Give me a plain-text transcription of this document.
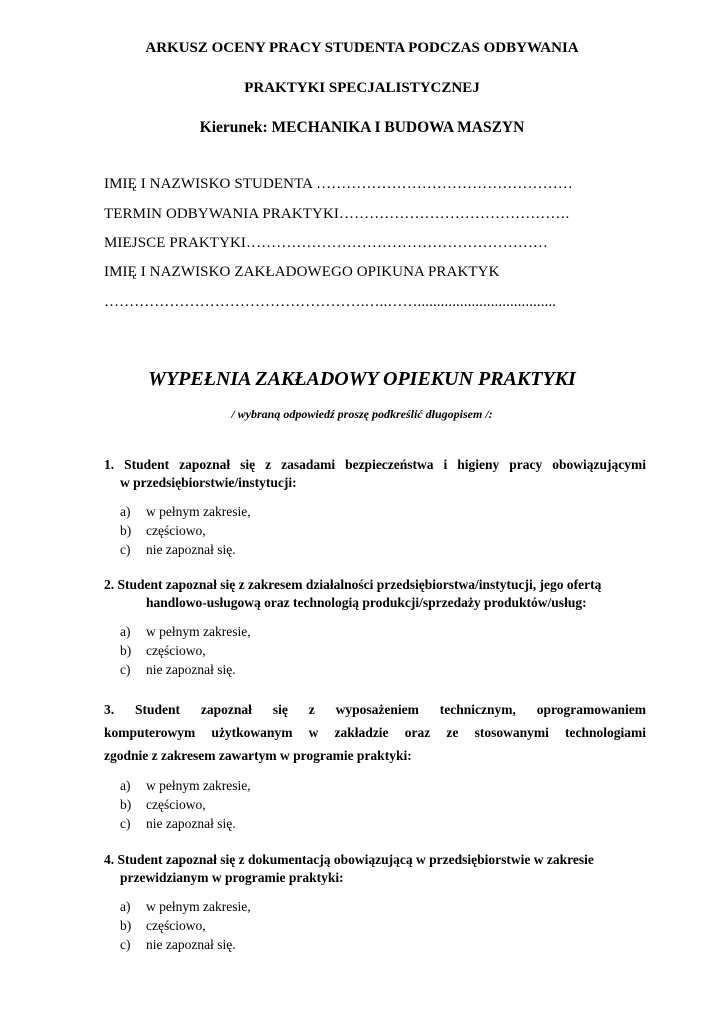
ARKUSZ OCENY PRACY STUDENTA PODCZAS ODBYWANIA
PRAKTYKI SPECJALISTYCZNEJ
Kierunek: MECHANIKA I BUDOWA MASZYN
IMIĘ I NAZWISKO STUDENTA ……………………………………………
TERMIN ODBYWANIA PRAKTYKI……………………………………….
MIEJSCE PRAKTYKI……………………………………………………
IMIĘ I NAZWISKO ZAKŁADOWEGO OPIKUNA PRAKTYK
…………………………………………….…..……....................................
WYPEŁNIA ZAKŁADOWY OPIEKUN PRAKTYKI
/ wybraną odpowiedź proszę podkreślić długopisem /:
1. Student zapoznał się z zasadami bezpieczeństwa i higieny pracy obowiązującymi
w przedsiębiorstwie/instytucji:
a) w pełnym zakresie,
b) częściowo,
c) nie zapoznał się.
2. Student zapoznał się z zakresem działalności przedsiębiorstwa/instytucji, jego ofertą
handlowo-usługową oraz technologią produkcji/sprzedaży produktów/usług:
a) w pełnym zakresie,
b) częściowo,
c) nie zapoznał się.
3. Student zapoznał się z wyposażeniem technicznym, oprogramowaniem
komputerowym użytkowanym w zakładzie oraz ze stosowanymi technologiami
zgodnie z zakresem zawartym w programie praktyki:
a) w pełnym zakresie,
b) częściowo,
c) nie zapoznał się.
4. Student zapoznał się z dokumentacją obowiązującą w przedsiębiorstwie w zakresie
przewidzianym w programie praktyki:
a) w pełnym zakresie,
b) częściowo,
c) nie zapoznał się.
